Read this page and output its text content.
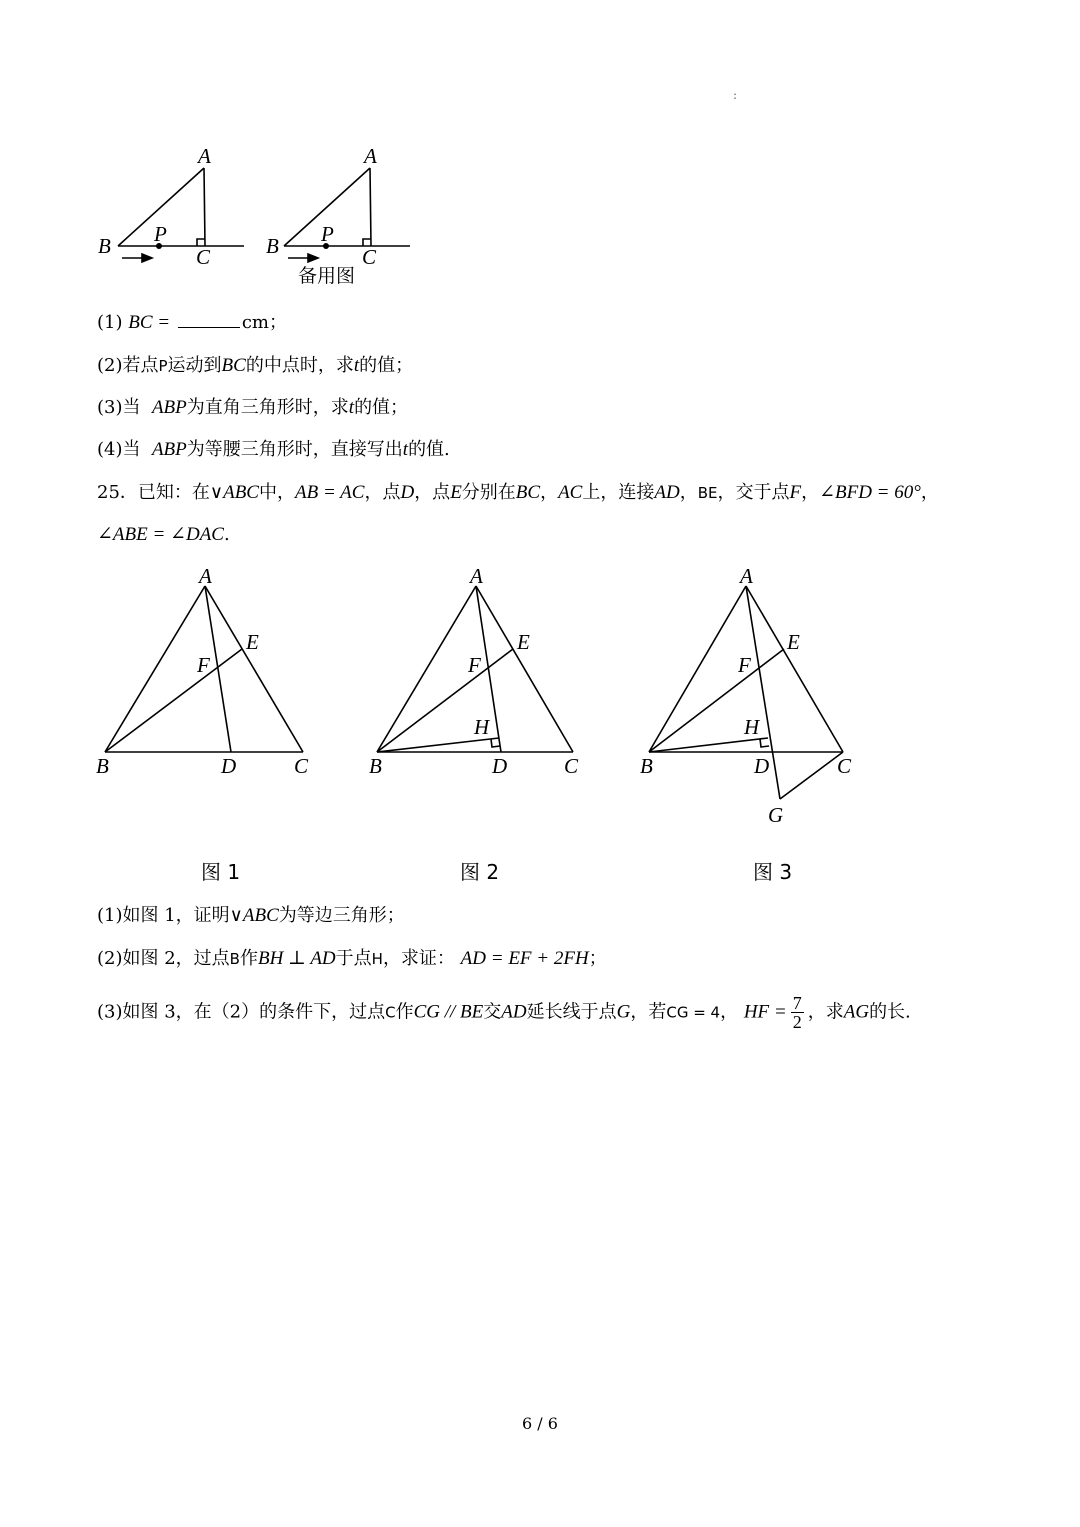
:
A
B P
C
A
B P
C
备用图
(1) BC =	cm；
(2)若点P运动到BC的中点时，求t的值；
(3)当 ABP为直角三角形时，求t的值；
(4)当 ABP为等腰三角形时，直接写出t的值.
25．已知：在∨ABC中，AB = AC，点D，点E分别在BC，AC上，连接AD，BE，交于点F，∠BFD = 60°，
∠ABE = ∠DAC.
A
B	C
D
E
F
A
B	C
D
E
F
H
A
B	C
D
E
F
H
G
图 1	图 2	图 3
(1)如图 1，证明∨ABC为等边三角形；
(2)如图 2，过点B作BH ⊥ AD于点H，求证： AD = EF + 2FH；
(3)如图 3，在（2）的条件下，过点C作CG // BE交AD延长线于点G，若CG = 4， HF = $\frac{7}{2}$ ，求AG的长.
6 / 6
